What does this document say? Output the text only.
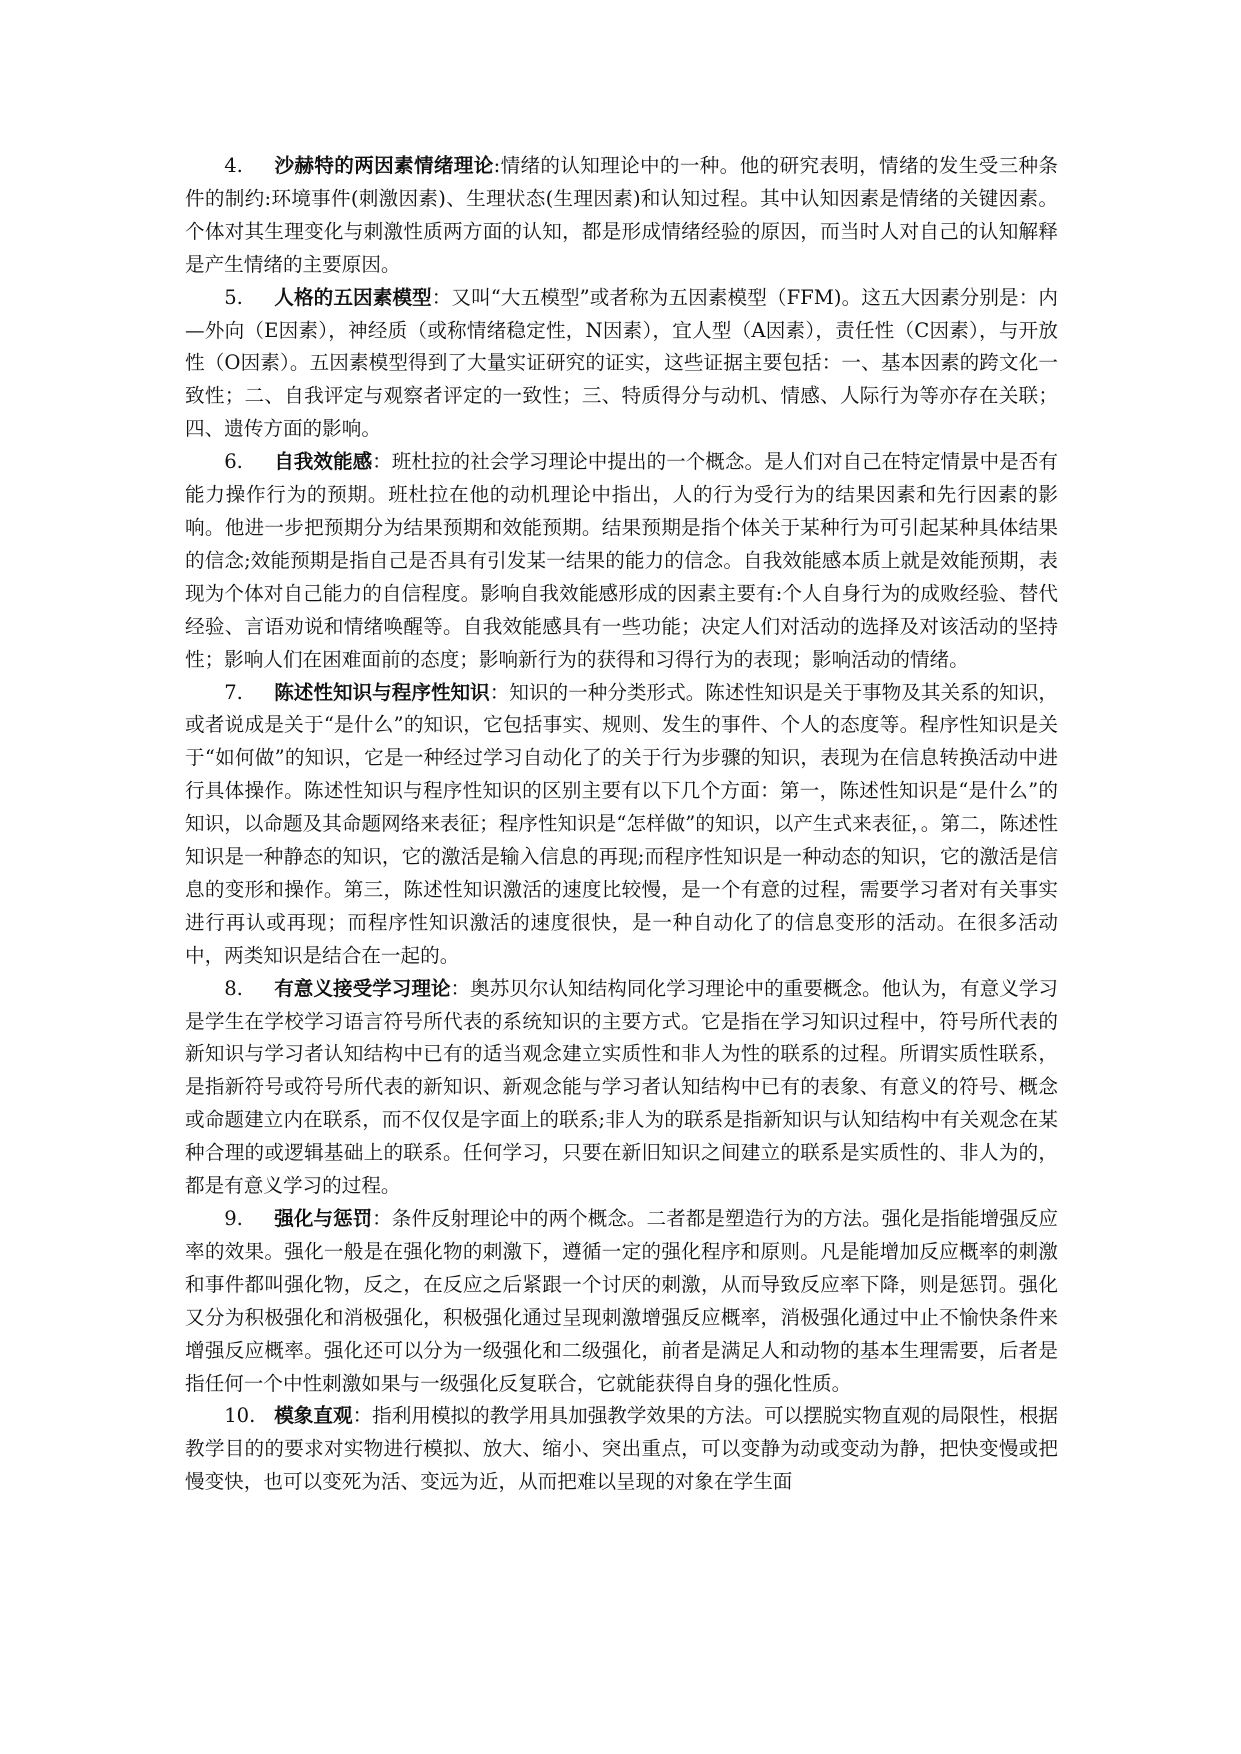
4. 沙赫特的两因素情绪理论:情绪的认知理论中的一种。他的研究表明，情绪的发生受三种条件的制约:环境事件(刺激因素)、生理状态(生理因素)和认知过程。其中认知因素是情绪的关键因素。个体对其生理变化与刺激性质两方面的认知，都是形成情绪经验的原因，而当时人对自己的认知解释是产生情绪的主要原因。

5. 人格的五因素模型：又叫“大五模型”或者称为五因素模型（FFM)。这五大因素分别是：内—外向（E因素），神经质（或称情绪稳定性，N因素），宜人型（A因素），责任性（C因素），与开放性（O因素）。五因素模型得到了大量实证研究的证实，这些证据主要包括：一、基本因素的跨文化一致性；二、自我评定与观察者评定的一致性；三、特质得分与动机、情感、人际行为等亦存在关联；四、遗传方面的影响。

6. 自我效能感：班杜拉的社会学习理论中提出的一个概念。是人们对自己在特定情景中是否有能力操作行为的预期。班杜拉在他的动机理论中指出，人的行为受行为的结果因素和先行因素的影响。他进一步把预期分为结果预期和效能预期。结果预期是指个体关于某种行为可引起某种具体结果的信念;效能预期是指自己是否具有引发某一结果的能力的信念。自我效能感本质上就是效能预期，表现为个体对自己能力的自信程度。影响自我效能感形成的因素主要有:个人自身行为的成败经验、替代经验、言语劝说和情绪唤醒等。自我效能感具有一些功能；决定人们对活动的选择及对该活动的坚持性；影响人们在困难面前的态度；影响新行为的获得和习得行为的表现；影响活动的情绪。

7. 陈述性知识与程序性知识：知识的一种分类形式。陈述性知识是关于事物及其关系的知识，或者说成是关于“是什么”的知识，它包括事实、规则、发生的事件、个人的态度等。程序性知识是关于“如何做”的知识，它是一种经过学习自动化了的关于行为步骤的知识，表现为在信息转换活动中进行具体操作。陈述性知识与程序性知识的区别主要有以下几个方面：第一，陈述性知识是“是什么”的知识，以命题及其命题网络来表征；程序性知识是“怎样做”的知识，以产生式来表征，。第二，陈述性知识是一种静态的知识，它的激活是输入信息的再现;而程序性知识是一种动态的知识，它的激活是信息的变形和操作。第三，陈述性知识激活的速度比较慢，是一个有意的过程，需要学习者对有关事实进行再认或再现；而程序性知识激活的速度很快，是一种自动化了的信息变形的活动。在很多活动中，两类知识是结合在一起的。

8. 有意义接受学习理论：奥苏贝尔认知结构同化学习理论中的重要概念。他认为，有意义学习是学生在学校学习语言符号所代表的系统知识的主要方式。它是指在学习知识过程中，符号所代表的新知识与学习者认知结构中已有的适当观念建立实质性和非人为性的联系的过程。所谓实质性联系，是指新符号或符号所代表的新知识、新观念能与学习者认知结构中已有的表象、有意义的符号、概念或命题建立内在联系，而不仅仅是字面上的联系;非人为的联系是指新知识与认知结构中有关观念在某种合理的或逻辑基础上的联系。任何学习，只要在新旧知识之间建立的联系是实质性的、非人为的，都是有意义学习的过程。

9. 强化与惩罚：条件反射理论中的两个概念。二者都是塑造行为的方法。强化是指能增强反应率的效果。强化一般是在强化物的刺激下，遵循一定的强化程序和原则。凡是能增加反应概率的刺激和事件都叫强化物，反之，在反应之后紧跟一个讨厌的刺激，从而导致反应率下降，则是惩罚。强化又分为积极强化和消极强化，积极强化通过呈现刺激增强反应概率，消极强化通过中止不愉快条件来增强反应概率。强化还可以分为一级强化和二级强化，前者是满足人和动物的基本生理需要，后者是指任何一个中性刺激如果与一级强化反复联合，它就能获得自身的强化性质。

10. 模象直观：指利用模拟的教学用具加强教学效果的方法。可以摆脱实物直观的局限性，根据教学目的的要求对实物进行模拟、放大、缩小、突出重点，可以变静为动或变动为静，把快变慢或把慢变快，也可以变死为活、变远为近，从而把难以呈现的对象在学生面
